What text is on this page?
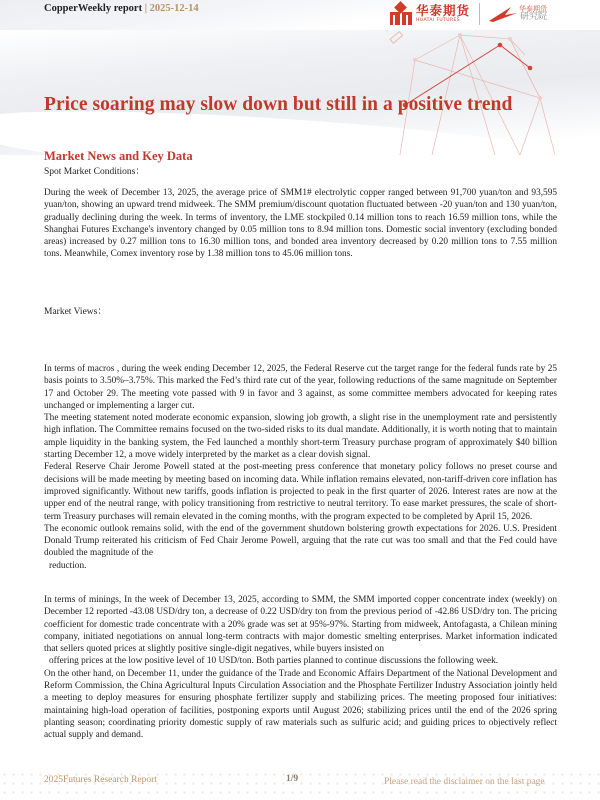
CopperWeekly report | 2025-12-14	华泰期货
HUATAI FUTURES
华泰期货
研究院
Price soaring may slow down but still in a positive trend
Market News and Key Data
Spot Market Conditions：

During the week of December 13, 2025, the average price of SMM1# electrolytic copper ranged between 91,700 yuan/ton and 93,595 yuan/ton, showing an upward trend midweek. The SMM premium/discount quotation fluctuated between -20 yuan/ton and 130 yuan/ton, gradually declining during the week. In terms of inventory, the LME stockpiled 0.14 million tons to reach 16.59 million tons, while the Shanghai Futures Exchange's inventory changed by 0.05 million tons to 8.94 million tons. Domestic social inventory (excluding bonded areas) increased by 0.27 million tons to 16.30 million tons, and bonded area inventory decreased by 0.20 million tons to 7.55 million tons. Meanwhile, Comex inventory rose by 1.38 million tons to 45.06 million tons.

Market Views：

In terms of macros , during the week ending December 12, 2025, the Federal Reserve cut the target range for the federal funds rate by 25 basis points to 3.50%–3.75%. This marked the Fed’s third rate cut of the year, following reductions of the same magnitude on September 17 and October 29. The meeting vote passed with 9 in favor and 3 against, as some committee members advocated for keeping rates unchanged or implementing a larger cut.

The meeting statement noted moderate economic expansion, slowing job growth, a slight rise in the unemployment rate and persistently high inflation. The Committee remains focused on the two-sided risks to its dual mandate. Additionally, it is worth noting that to maintain ample liquidity in the banking system, the Fed launched a monthly short-term Treasury purchase program of approximately $40 billion starting December 12, a move widely interpreted by the market as a clear dovish signal.

Federal Reserve Chair Jerome Powell stated at the post-meeting press conference that monetary policy follows no preset course and decisions will be made meeting by meeting based on incoming data. While inflation remains elevated, non-tariff-driven core inflation has improved significantly. Without new tariffs, goods inflation is projected to peak in the first quarter of 2026. Interest rates are now at the upper end of the neutral range, with policy transitioning from restrictive to neutral territory. To ease market pressures, the scale of short-term Treasury purchases will remain elevated in the coming months, with the program expected to be completed by April 15, 2026.

The economic outlook remains solid, with the end of the government shutdown bolstering growth expectations for 2026. U.S. President Donald Trump reiterated his criticism of Fed Chair Jerome Powell, arguing that the rate cut was too small and that the Fed could have doubled the magnitude of the

reduction.

In terms of minings, In the week of December 13, 2025, according to SMM, the SMM imported copper concentrate index (weekly) on December 12 reported -43.08 USD/dry ton, a decrease of 0.22 USD/dry ton from the previous period of -42.86 USD/dry ton. The pricing coefficient for domestic trade concentrate with a 20% grade was set at 95%-97%. Starting from midweek, Antofagasta, a Chilean mining company, initiated negotiations on annual long-term contracts with major domestic smelting enterprises. Market information indicated that sellers quoted prices at slightly positive single-digit negatives, while buyers insisted on

offering prices at the low positive level of 10 USD/ton. Both parties planned to continue discussions the following week.

On the other hand, on December 11, under the guidance of the Trade and Economic Affairs Department of the National Development and Reform Commission, the China Agricultural Inputs Circulation Association and the Phosphate Fertilizer Industry Association jointly held a meeting to deploy measures for ensuring phosphate fertilizer supply and stabilizing prices. The meeting proposed four initiatives: maintaining high-load operation of facilities, postponing exports until August 2026; stabilizing prices until the end of the 2026 spring planting season; coordinating priority domestic supply of raw materials such as sulfuric acid; and guiding prices to objectively reflect actual supply and demand.

2025Futures Research Report	1/9	Please read the disclaimer on the last page
